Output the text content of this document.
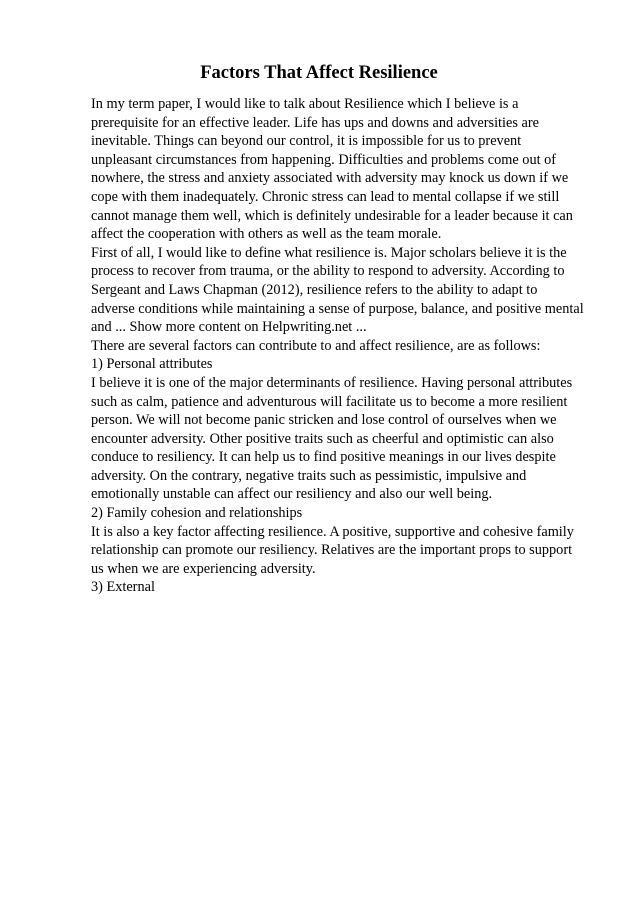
Factors That Affect Resilience
In my term paper, I would like to talk about Resilience which I believe is a
prerequisite for an effective leader. Life has ups and downs and adversities are
inevitable. Things can beyond our control, it is impossible for us to prevent
unpleasant circumstances from happening. Difficulties and problems come out of
nowhere, the stress and anxiety associated with adversity may knock us down if we
cope with them inadequately. Chronic stress can lead to mental collapse if we still
cannot manage them well, which is definitely undesirable for a leader because it can
affect the cooperation with others as well as the team morale.
First of all, I would like to define what resilience is. Major scholars believe it is the
process to recover from trauma, or the ability to respond to adversity. According to
Sergeant and Laws Chapman (2012), resilience refers to the ability to adapt to
adverse conditions while maintaining a sense of purpose, balance, and positive mental
and ... Show more content on Helpwriting.net ...
There are several factors can contribute to and affect resilience, are as follows:
1) Personal attributes
I believe it is one of the major determinants of resilience. Having personal attributes
such as calm, patience and adventurous will facilitate us to become a more resilient
person. We will not become panic stricken and lose control of ourselves when we
encounter adversity. Other positive traits such as cheerful and optimistic can also
conduce to resiliency. It can help us to find positive meanings in our lives despite
adversity. On the contrary, negative traits such as pessimistic, impulsive and
emotionally unstable can affect our resiliency and also our well being.
2) Family cohesion and relationships
It is also a key factor affecting resilience. A positive, supportive and cohesive family
relationship can promote our resiliency. Relatives are the important props to support
us when we are experiencing adversity.
3) External
